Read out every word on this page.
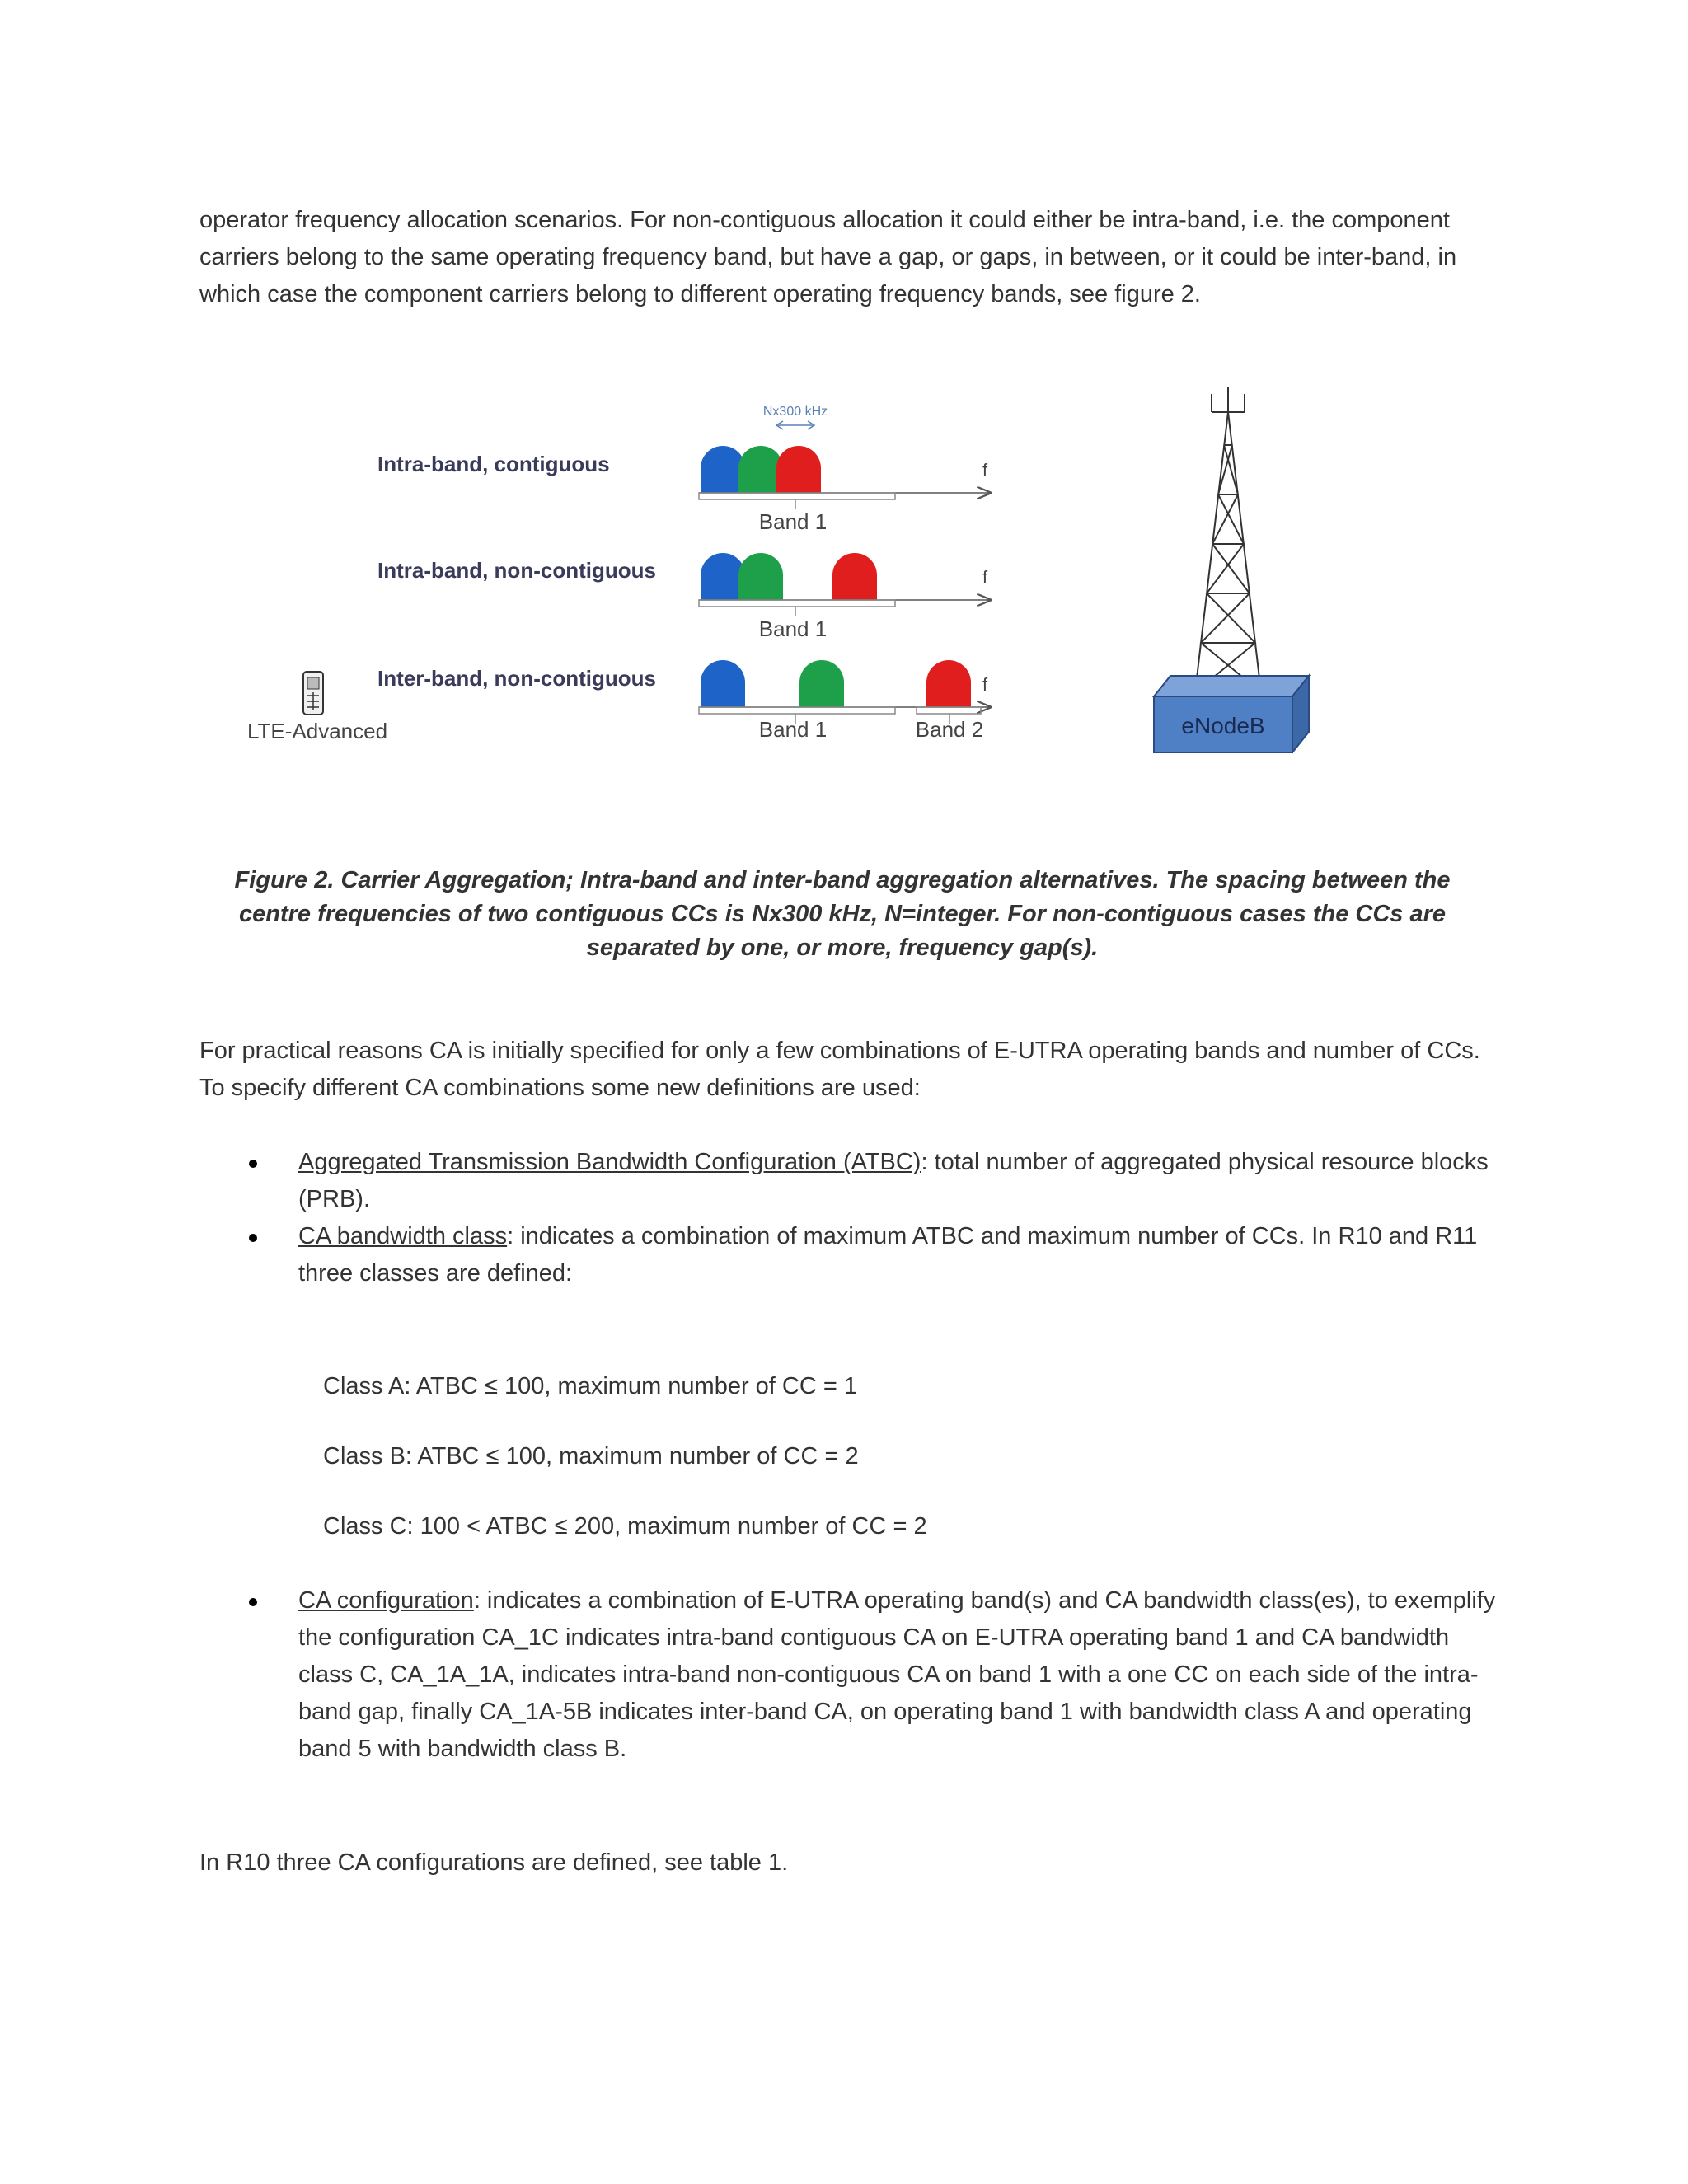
operator frequency allocation scenarios. For non-contiguous allocation it could either be intra-band, i.e. the component carriers belong to the same operating frequency band, but have a gap, or gaps, in between, or it could be inter-band, in which case the component carriers belong to different operating frequency bands, see figure 2.

Nx300 kHz
Intra-band, contiguous	f
Band 1
Intra-band, non-contiguous	f
Band 1
Inter-band, non-contiguous	f
Band 1	Band 2
LTE-Advanced	eNodeB
Figure 2. Carrier Aggregation; Intra-band and inter-band aggregation alternatives. The spacing between the
centre frequencies of two contiguous CCs is Nx300 kHz, N=integer. For non-contiguous cases the CCs are
separated by one, or more, frequency gap(s).

For practical reasons CA is initially specified for only a few combinations of E-UTRA operating bands and number of CCs. To specify different CA combinations some new definitions are used:

Aggregated Transmission Bandwidth Configuration (ATBC): total number of aggregated physical resource blocks (PRB).
CA bandwidth class: indicates a combination of maximum ATBC and maximum number of CCs. In R10 and R11 three classes are defined:
Class A: ATBC ≤ 100, maximum number of CC = 1
Class B: ATBC ≤ 100, maximum number of CC = 2
Class C: 100 < ATBC ≤ 200, maximum number of CC = 2
CA configuration: indicates a combination of E-UTRA operating band(s) and CA bandwidth class(es), to exemplify the configuration CA_1C indicates intra-band contiguous CA on E-UTRA operating band 1 and CA bandwidth class C, CA_1A_1A, indicates intra-band non-contiguous CA on band 1 with a one CC on each side of the intra-band gap, finally CA_1A-5B indicates inter-band CA, on operating band 1 with bandwidth class A and operating band 5 with bandwidth class B.

In R10 three CA configurations are defined, see table 1.
